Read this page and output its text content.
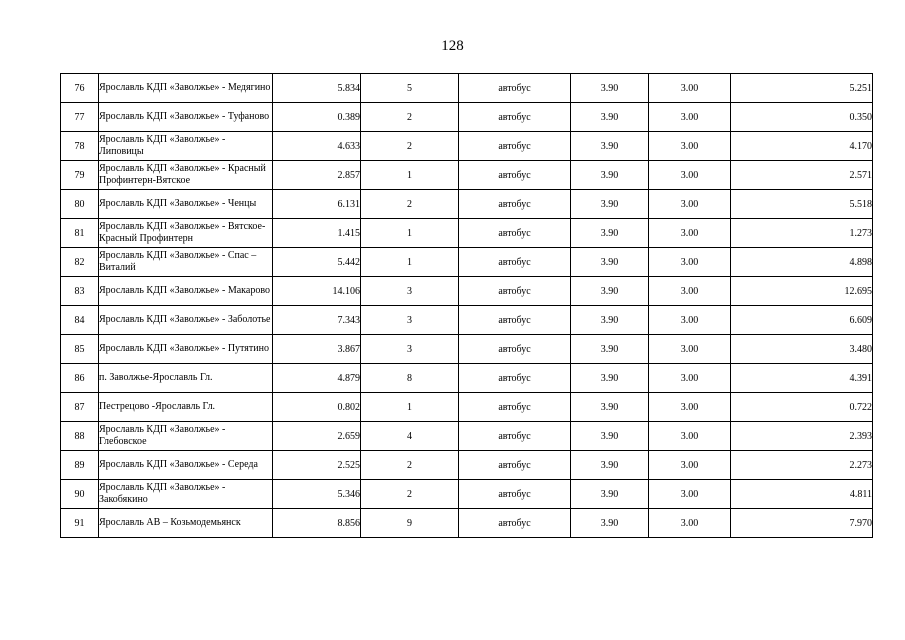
128
76	Ярославль КДП «Заволжье» - Медягино	5.834	5	автобус	3.90	3.00	5.251
77	Ярославль КДП «Заволжье» - Туфаново	0.389	2	автобус	3.90	3.00	0.350
78	Ярославль КДП «Заволжье» - Липовицы	4.633	2	автобус	3.90	3.00	4.170
79	Ярославль КДП «Заволжье» - Красный Профинтерн-Вятское	2.857	1	автобус	3.90	3.00	2.571
80	Ярославль КДП «Заволжье» - Ченцы	6.131	2	автобус	3.90	3.00	5.518
81	Ярославль КДП «Заволжье» - Вятское-Красный Профинтерн	1.415	1	автобус	3.90	3.00	1.273
82	Ярославль КДП «Заволжье» - Спас – Виталий	5.442	1	автобус	3.90	3.00	4.898
83	Ярославль КДП «Заволжье» - Макарово	14.106	3	автобус	3.90	3.00	12.695
84	Ярославль КДП «Заволжье» - Заболотье	7.343	3	автобус	3.90	3.00	6.609
85	Ярославль КДП «Заволжье» - Путятино	3.867	3	автобус	3.90	3.00	3.480
86	п. Заволжье-Ярославль Гл.	4.879	8	автобус	3.90	3.00	4.391
87	Пестрецово -Ярославль Гл.	0.802	1	автобус	3.90	3.00	0.722
88	Ярославль КДП «Заволжье» - Глебовское	2.659	4	автобус	3.90	3.00	2.393
89	Ярославль КДП «Заволжье» - Середа	2.525	2	автобус	3.90	3.00	2.273
90	Ярославль КДП «Заволжье» - Закобякино	5.346	2	автобус	3.90	3.00	4.811
91	Ярославль АВ – Козьмодемьянск	8.856	9	автобус	3.90	3.00	7.970
